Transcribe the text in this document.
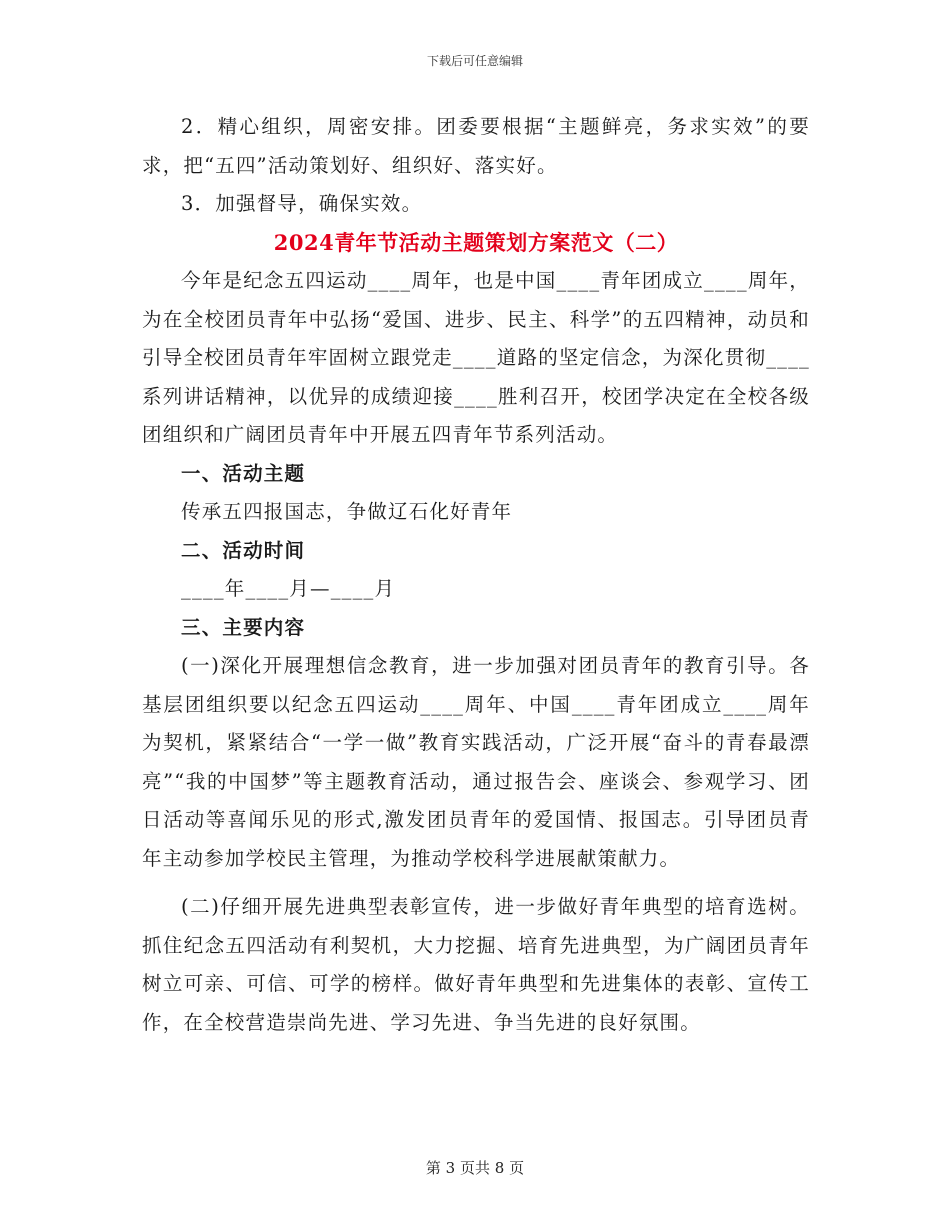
下载后可任意编辑

2．精心组织，周密安排。团委要根据“主题鲜亮，务求实效”的要求，把“五四”活动策划好、组织好、落实好。

3．加强督导，确保实效。

2024青年节活动主题策划方案范文（二）

今年是纪念五四运动____周年，也是中国____青年团成立____周年，为在全校团员青年中弘扬“爱国、进步、民主、科学”的五四精神，动员和引导全校团员青年牢固树立跟党走____道路的坚定信念，为深化贯彻____系列讲话精神，以优异的成绩迎接____胜利召开，校团学决定在全校各级团组织和广阔团员青年中开展五四青年节系列活动。

一、活动主题

传承五四报国志，争做辽石化好青年

二、活动时间

____年____月—____月

三、主要内容

(一)深化开展理想信念教育，进一步加强对团员青年的教育引导。各基层团组织要以纪念五四运动____周年、中国____青年团成立____周年为契机，紧紧结合“一学一做”教育实践活动，广泛开展“奋斗的青春最漂亮”“我的中国梦”等主题教育活动，通过报告会、座谈会、参观学习、团日活动等喜闻乐见的形式,激发团员青年的爱国情、报国志。引导团员青年主动参加学校民主管理，为推动学校科学进展献策献力。

(二)仔细开展先进典型表彰宣传，进一步做好青年典型的培育选树。抓住纪念五四活动有利契机，大力挖掘、培育先进典型，为广阔团员青年树立可亲、可信、可学的榜样。做好青年典型和先进集体的表彰、宣传工作，在全校营造崇尚先进、学习先进、争当先进的良好氛围。

第 3 页共 8 页
